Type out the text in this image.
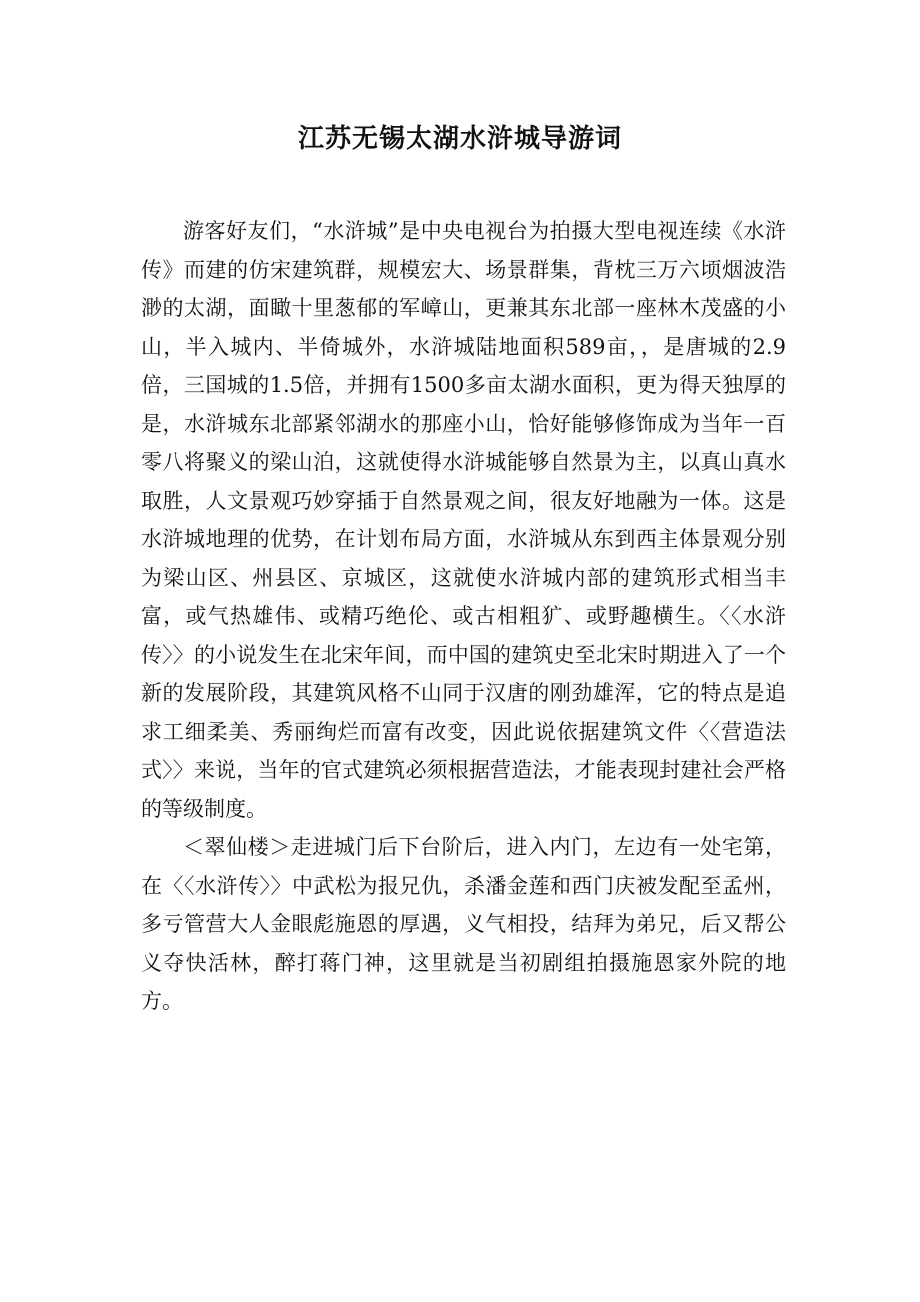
江苏无锡太湖水浒城导游词

游客好友们，“水浒城”是中央电视台为拍摄大型电视连续《水浒传》而建的仿宋建筑群，规模宏大、场景群集，背枕三万六顷烟波浩渺的太湖，面瞰十里葱郁的军嶂山，更兼其东北部一座林木茂盛的小山，半入城内、半倚城外，水浒城陆地面积589亩，，是唐城的2.9倍，三国城的1.5倍，并拥有1500多亩太湖水面积，更为得天独厚的是，水浒城东北部紧邻湖水的那座小山，恰好能够修饰成为当年一百零八将聚义的梁山泊，这就使得水浒城能够自然景为主，以真山真水取胜，人文景观巧妙穿插于自然景观之间，很友好地融为一体。这是水浒城地理的优势，在计划布局方面，水浒城从东到西主体景观分别为梁山区、州县区、京城区，这就使水浒城内部的建筑形式相当丰富，或气热雄伟、或精巧绝伦、或古相粗犷、或野趣横生。〈〈水浒传〉〉的小说发生在北宋年间，而中国的建筑史至北宋时期进入了一个新的发展阶段，其建筑风格不山同于汉唐的刚劲雄浑，它的特点是追求工细柔美、秀丽绚烂而富有改变，因此说依据建筑文件〈〈营造法式〉〉来说，当年的官式建筑必须根据营造法，才能表现封建社会严格的等级制度。

＜翠仙楼＞走进城门后下台阶后，进入内门，左边有一处宅第，在〈〈水浒传〉〉中武松为报兄仇，杀潘金莲和西门庆被发配至孟州，多亏管营大人金眼彪施恩的厚遇，义气相投，结拜为弟兄，后又帮公义夺快活林，醉打蒋门神，这里就是当初剧组拍摄施恩家外院的地方。
